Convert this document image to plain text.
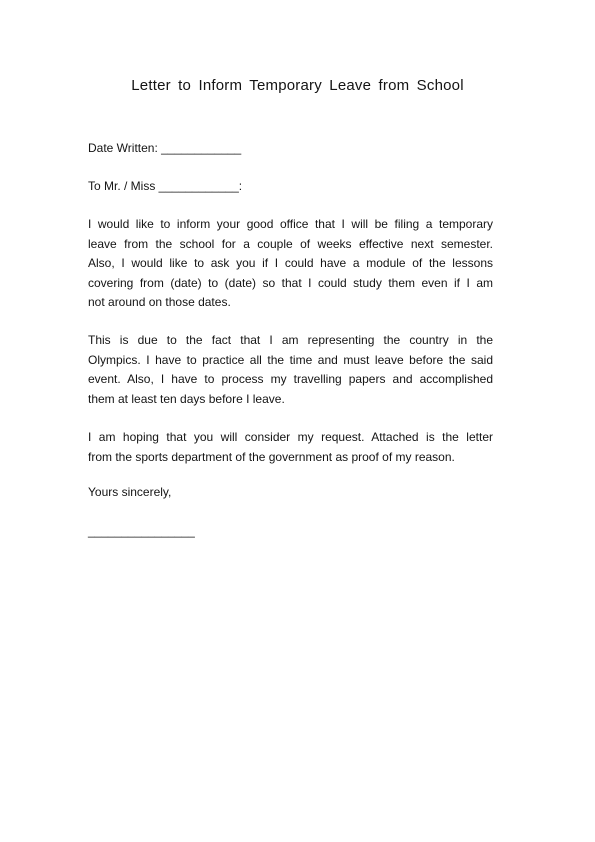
Letter to Inform Temporary Leave from School
Date Written: ____________
To Mr. / Miss ____________:
I would like to inform your good office that I will be filing a temporary
leave from the school for a couple of weeks effective next semester.
Also, I would like to ask you if I could have a module of the lessons
covering from (date) to (date) so that I could study them even if I am
not around on those dates.
This is due to the fact that I am representing the country in the
Olympics. I have to practice all the time and must leave before the said
event. Also, I have to process my travelling papers and accomplished
them at least ten days before I leave.
I am hoping that you will consider my request. Attached is the letter
from the sports department of the government as proof of my reason.
Yours sincerely,
________________
